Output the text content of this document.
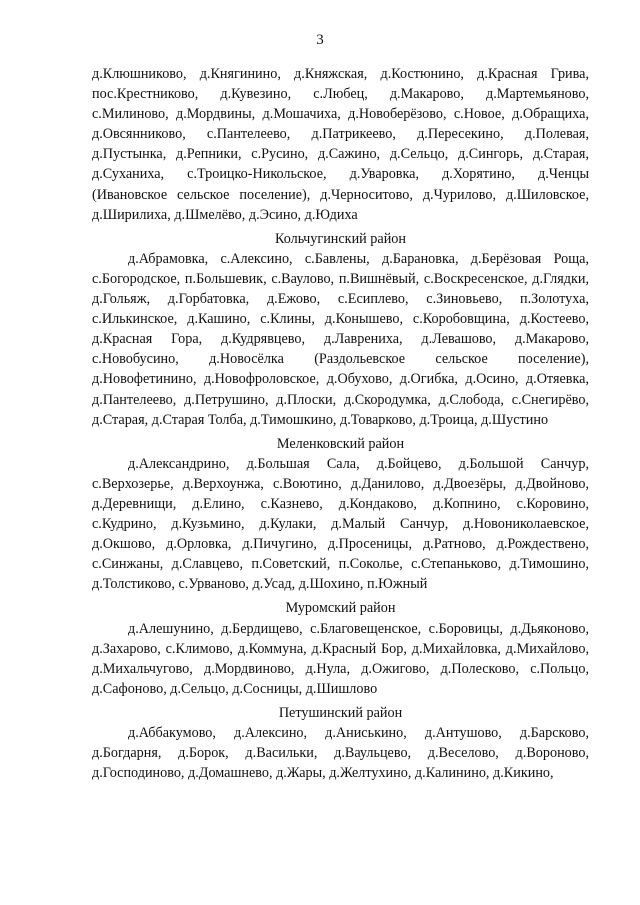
3

д.Клюшниково, д.Княгинино, д.Княжская, д.Костюнино, д.Красная Грива, пос.Крестниково, д.Кувезино, с.Любец, д.Макарово, д.Мартемьяново, с.Милиново, д.Мордвины, д.Мошачиха, д.Новоберёзово, с.Новое, д.Обращиха, д.Овсянниково, с.Пантелеево, д.Патрикеево, д.Пересекино, д.Полевая, д.Пустынка, д.Репники, с.Русино, д.Сажино, д.Сельцо, д.Сингорь, д.Старая, д.Суханиха, с.Троицко-Никольское, д.Уваровка, д.Хорятино, д.Ченцы (Ивановское сельское поселение), д.Черноситово, д.Чурилово, д.Шиловское, д.Ширилиха, д.Шмелёво, д.Эсино, д.Юдиха

Кольчугинский район

д.Абрамовка, с.Алексино, с.Бавлены, д.Барановка, д.Берёзовая Роща, с.Богородское, п.Большевик, с.Ваулово, п.Вишнёвый, с.Воскресенское, д.Глядки, д.Гольяж, д.Горбатовка, д.Ежово, с.Есиплево, с.Зиновьево, п.Золотуха, с.Илькинское, д.Кашино, с.Клины, д.Конышево, с.Коробовщина, д.Костеево, д.Красная Гора, д.Кудрявцево, д.Лаврениха, д.Левашово, д.Макарово, с.Новобусино, д.Новосёлка (Раздольевское сельское поселение), д.Новофетинино, д.Новофроловское, д.Обухово, д.Огибка, д.Осино, д.Отяевка, д.Пантелеево, д.Петрушино, д.Плоски, д.Скородумка, д.Слобода, с.Снегирёво, д.Старая, д.Старая Толба, д.Тимошкино, д.Товарково, д.Троица, д.Шустино

Меленковский район

д.Александрино, д.Большая Сала, д.Бойцево, д.Большой Санчур, с.Верхозерье, д.Верхоунжа, с.Воютино, д.Данилово, д.Двоезёры, д.Двойново, д.Деревнищи, д.Елино, с.Казнево, д.Кондаково, д.Копнино, с.Коровино, с.Кудрино, д.Кузьмино, д.Кулаки, д.Малый Санчур, д.Новониколаевское, д.Окшово, д.Орловка, д.Пичугино, д.Просеницы, д.Ратново, д.Рождествено, с.Синжаны, д.Славцево, п.Советский, п.Соколье, с.Степаньково, д.Тимошино, д.Толстиково, с.Урваново, д.Усад, д.Шохино, п.Южный

Муромский район

д.Алешунино, д.Бердищево, с.Благовещенское, с.Боровицы, д.Дьяконово, д.Захарово, с.Климово, д.Коммуна, д.Красный Бор, д.Михайловка, д.Михайлово, д.Михальчугово, д.Мордвиново, д.Нула, д.Ожигово, д.Полесково, с.Польцо, д.Сафоново, д.Сельцо, д.Сосницы, д.Шишлово

Петушинский район

д.Аббакумово, д.Алексино, д.Аниськино, д.Антушово, д.Барсково, д.Богдарня, д.Борок, д.Васильки, д.Ваульцево, д.Веселово, д.Вороново, д.Господиново, д.Домашнево, д.Жары, д.Желтухино, д.Калинино, д.Кикино,
